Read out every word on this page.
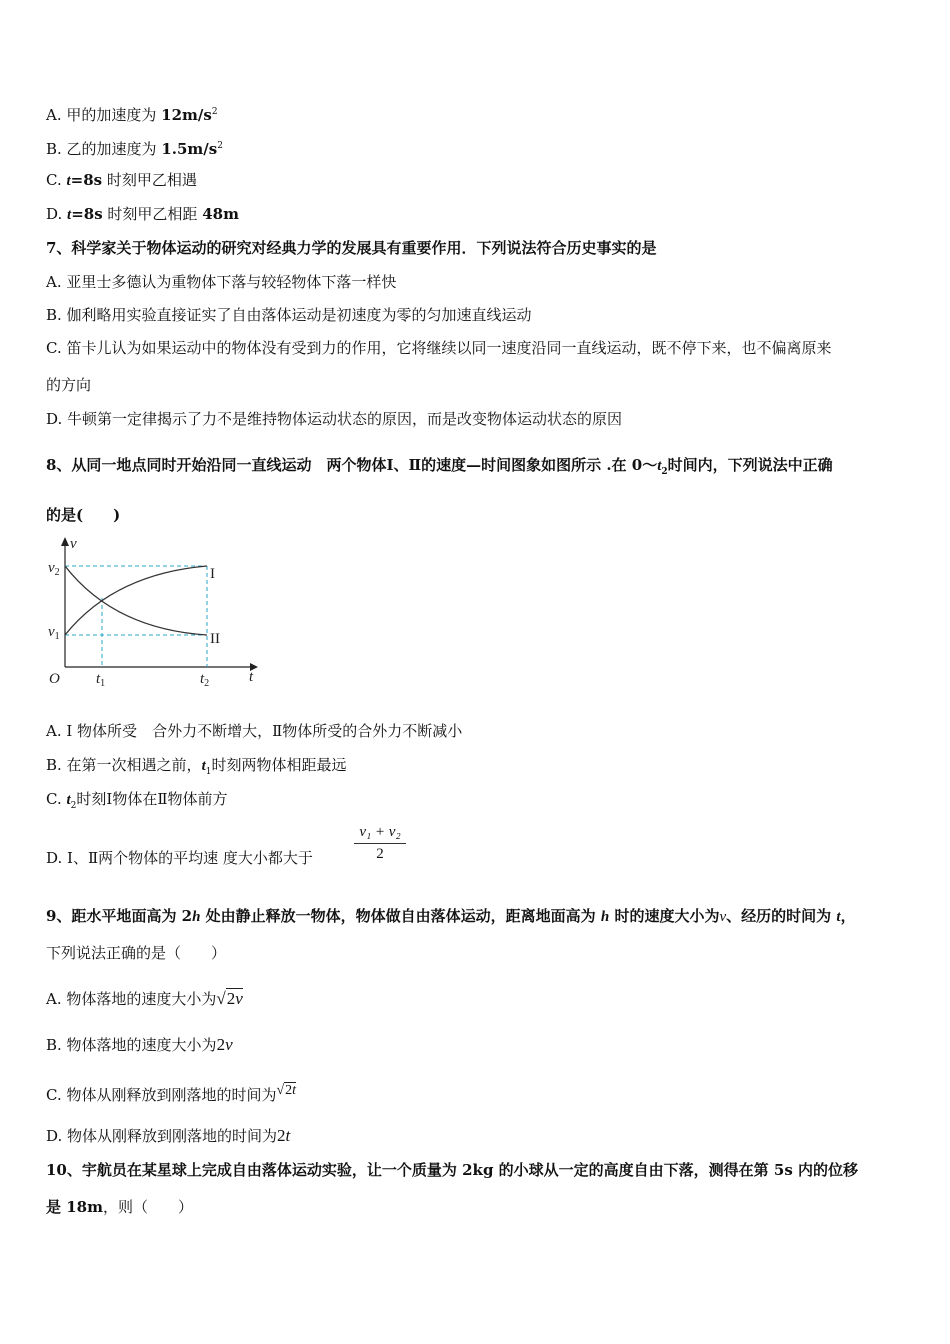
A. 甲的加速度为 $12m/s^2$
B. 乙的加速度为 $1.5m/s^2$
C. t=8s 时刻甲乙相遇
D. t=8s 时刻甲乙相距 48m
7、科学家关于物体运动的研究对经典力学的发展具有重要作用．下列说法符合历史事实的是
A. 亚里士多德认为重物体下落与较轻物体下落一样快
B. 伽利略用实验直接证实了自由落体运动是初速度为零的匀加速直线运动
C. 笛卡儿认为如果运动中的物体没有受到力的作用，它将继续以同一速度沿同一直线运动，既不停下来，也不偏离原来
的方向
D. 牛顿第一定律揭示了力不是维持物体运动状态的原因，而是改变物体运动状态的原因
8、从同一地点同时开始沿同一直线运动　两个物体Ⅰ、Ⅱ的速度—时间图象如图所示 .在 $0\sim t_2$时间内，下列说法中正确
的是(　　)
v
t
O
$v_2$
$v_1$
$t_1$	$t_2$
I
II
A. Ⅰ 物体所受　合外力不断增大，Ⅱ物体所受的合外力不断减小
B. 在第一次相遇之前，$t_1$时刻两物体相距最远
C. $t_2$时刻Ⅰ物体在Ⅱ物体前方
D. Ⅰ、Ⅱ两个物体的平均速 度大小都大于	$\frac{\text{v₁ + v₂}}{2}$
9、距水平地面高为 2h 处由静止释放一物体，物体做自由落体运动，距离地面高为 h 时的速度大小为v、经历的时间为 t，
下列说法正确的是（　　）
A. 物体落地的速度大小为√2v
B. 物体落地的速度大小为2v
C. 物体从刚释放到刚落地的时间为√2t
D. 物体从刚释放到刚落地的时间为2t
10、宇航员在某星球上完成自由落体运动实验，让一个质量为 2kg 的小球从一定的高度自由下落，测得在第 5s 内的位移
是 18m，则（　　）
